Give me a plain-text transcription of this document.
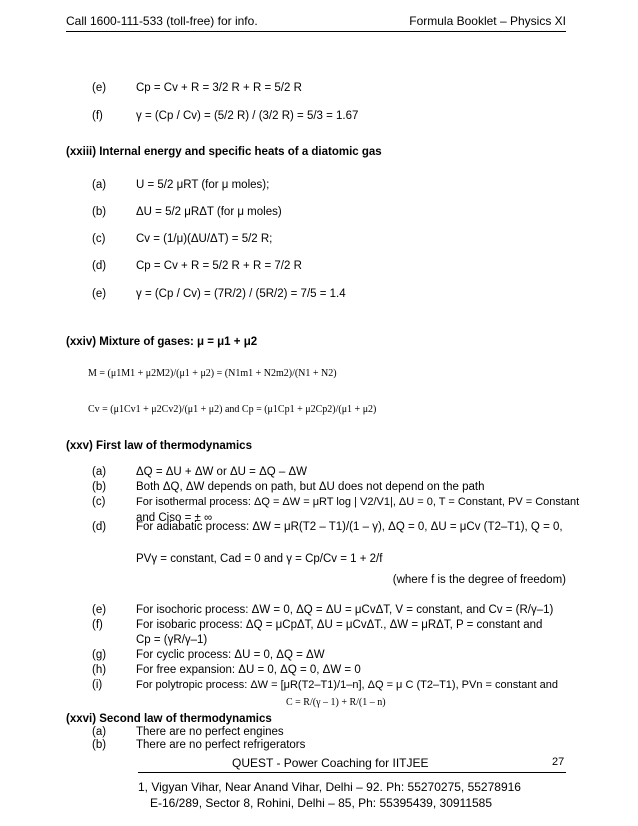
Call 1600-111-533 (toll-free) for info.	Formula Booklet – Physics XI
(e)	Cp = Cv + R = 3/2 R + R = 5/2 R
(f)	γ = (Cp / Cv) = (5/2 R) / (3/2 R) = 5/3 = 1.67
(xxiii) Internal energy and specific heats of a diatomic gas
(a)	U = 5/2 μRT (for μ moles);
(b)	ΔU = 5/2 μRΔT (for μ moles)
(c)	Cv = (1/μ)(ΔU/ΔT) = 5/2 R;
(d)	Cp = Cv + R = 5/2 R + R = 7/2 R
(e)	γ = (Cp / Cv) = (7R/2) / (5R/2) = 7/5 = 1.4
(xxiv) Mixture of gases: μ = μ1 + μ2
M = (μ1M1 + μ2M2)/(μ1 + μ2) = (N1m1 + N2m2)/(N1 + N2)
Cv = (μ1Cv1 + μ2Cv2)/(μ1 + μ2) and Cp = (μ1Cp1 + μ2Cp2)/(μ1 + μ2)
(xxv) First law of thermodynamics
(a)	ΔQ = ΔU + ΔW or ΔU = ΔQ – ΔW
(b)	Both ΔQ, ΔW depends on path, but ΔU does not depend on the path
(c)	For isothermal process: ΔQ = ΔW = μRT log | V2/V1|, ΔU = 0, T = Constant, PV = Constant
and Ciso = ± ∞
(d)	For adiabatic process: ΔW = μR(T2 – T1)/(1 – γ), ΔQ = 0, ΔU = μCv (T2–T1), Q = 0,
PVγ = constant, Cad = 0 and γ = Cp/Cv = 1 + 2/f
(where f is the degree of freedom)
(e)	For isochoric process: ΔW = 0, ΔQ = ΔU = μCvΔT, V = constant, and Cv = (R/γ–1)
(f)	For isobaric process: ΔQ = μCpΔT, ΔU = μCvΔT., ΔW = μRΔT, P = constant and
Cp = (γR/γ–1)
(g)	For cyclic process: ΔU = 0, ΔQ = ΔW
(h)	For free expansion: ΔU = 0, ΔQ = 0, ΔW = 0
(i)	For polytropic process: ΔW = [μR(T2–T1)/1–n], ΔQ = μ C (T2–T1), PVn = constant and
C = R/(γ – 1) + R/(1 – n)
(xxvi) Second law of thermodynamics
(a)	There are no perfect engines
(b)	There are no perfect refrigerators
QUEST - Power Coaching for IITJEE	27
1, Vigyan Vihar, Near Anand Vihar, Delhi – 92. Ph: 55270275, 55278916
E-16/289, Sector 8, Rohini, Delhi – 85, Ph: 55395439, 30911585
